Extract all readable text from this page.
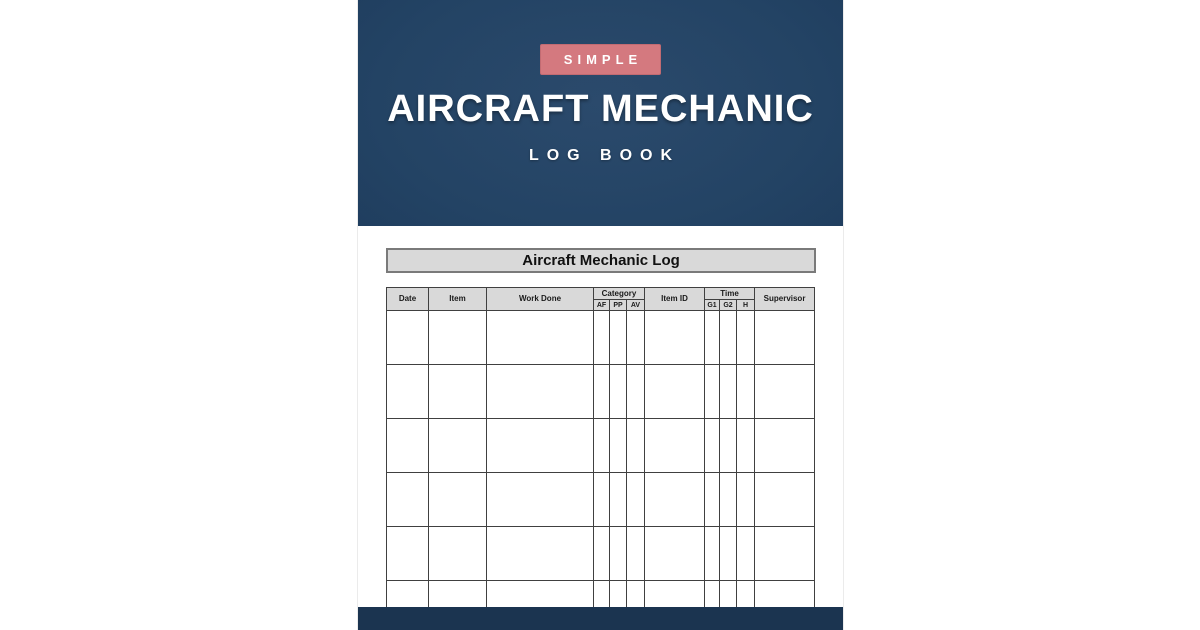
SIMPLE
AIRCRAFT MECHANIC
LOG BOOK
Aircraft Mechanic Log
Date	Item	Work Done	Category			Item ID	Time			Supervisor
			AF	PP	AV		G1	G2	H	
